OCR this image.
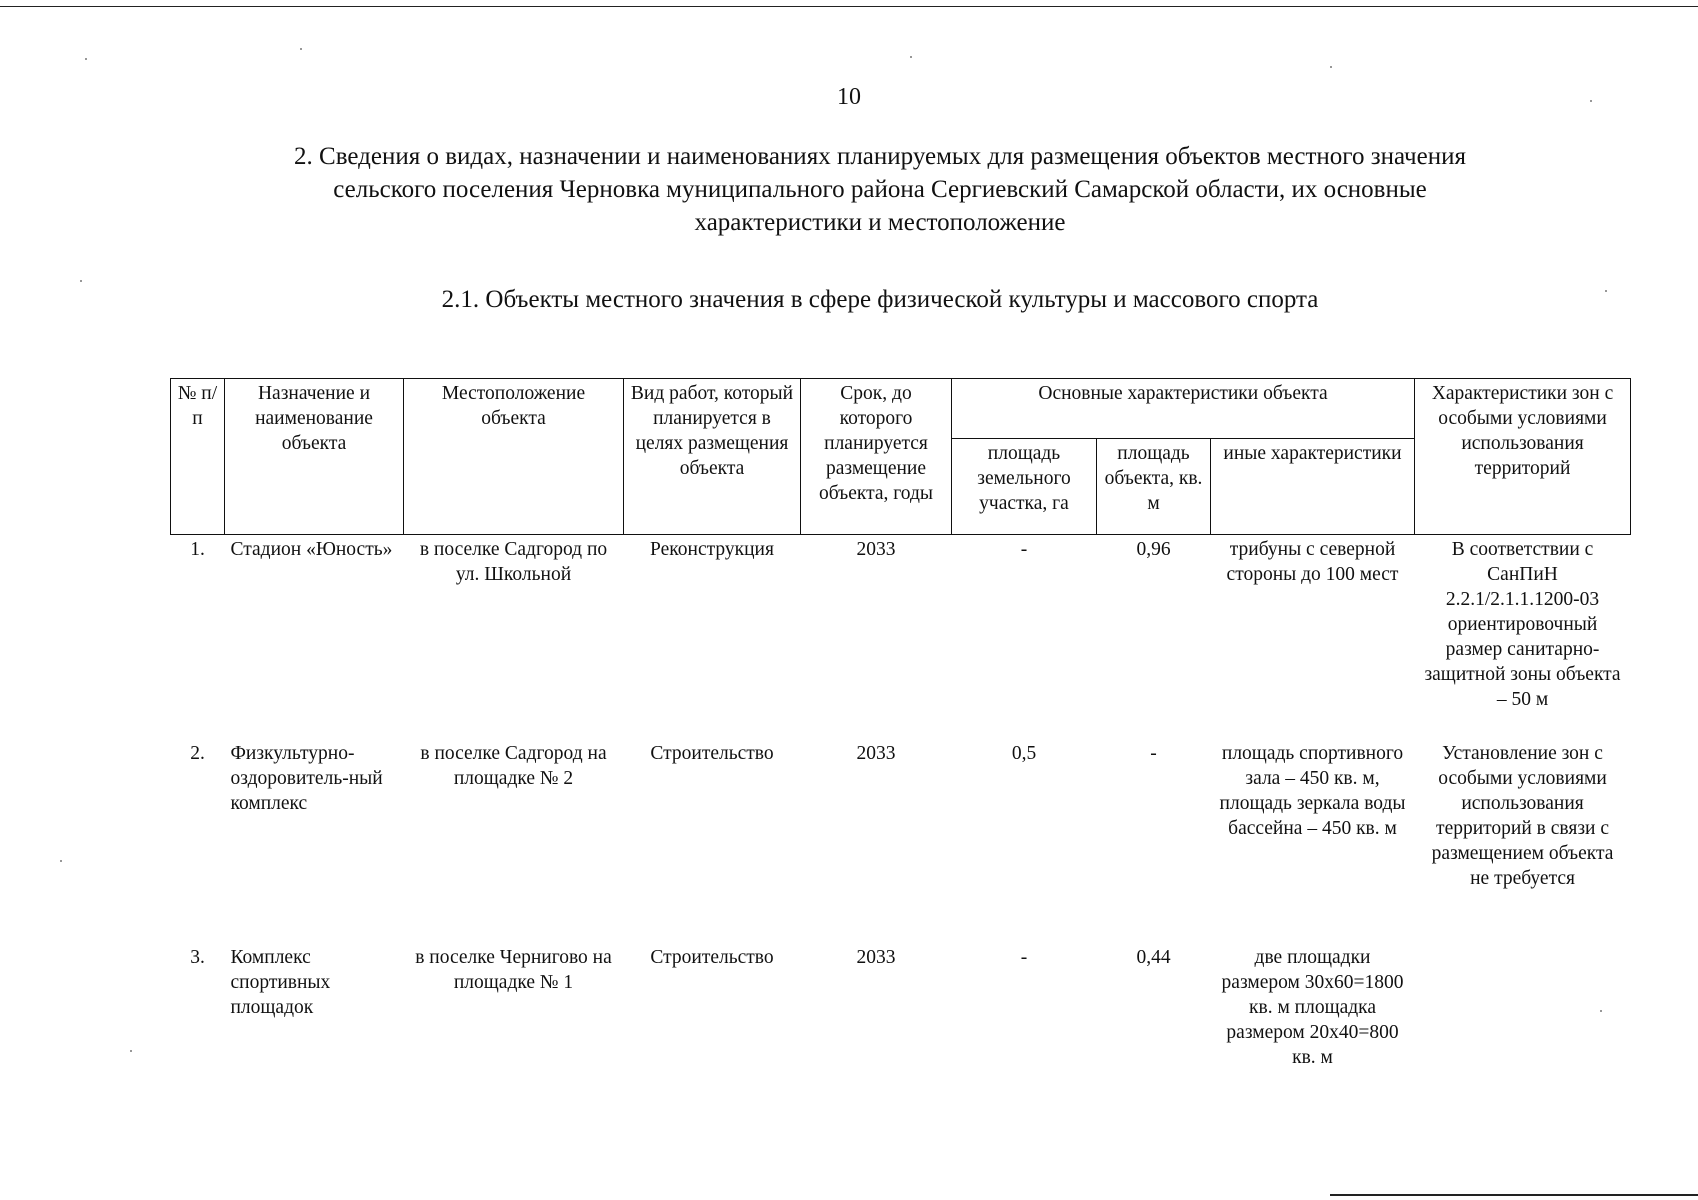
10
2. Сведения о видах, назначении и наименованиях планируемых для размещения объектов местного значения
сельского поселения Черновка муниципального района Сергиевский Самарской области, их основные
характеристики и местоположение
2.1. Объекты местного значения в сфере физической культуры и массового спорта
№ п/п	Назначение и наименование объекта	Местоположение объекта	Вид работ, который планируется в целях размещения объекта	Срок, до которого планируется размещение объекта, годы	Основные характеристики объекта			Характеристики зон с особыми условиями использования территорий
					площадь земельного участка, га	площадь объекта, кв. м	иные характеристики	
1.	Стадион «Юность»	в поселке Садгород по ул. Школьной	Реконструкция	2033	-	0,96	трибуны с северной стороны до 100 мест	В соответствии с СанПиН 2.2.1/2.1.1.1200-03 ориентировочный размер санитарно-защитной зоны объекта – 50 м
2.	Физкультурно-оздоровитель-ный комплекс	в поселке Садгород на площадке № 2	Строительство	2033	0,5	-	площадь спортивного зала – 450 кв. м, площадь зеркала воды бассейна – 450 кв. м	Установление зон с особыми условиями использования территорий в связи с размещением объекта не требуется
3.	Комплекс спортивных площадок	в поселке Чернигово на площадке № 1	Строительство	2033	-	0,44	две площадки размером 30х60=1800 кв. м площадка размером 20х40=800 кв. м	
